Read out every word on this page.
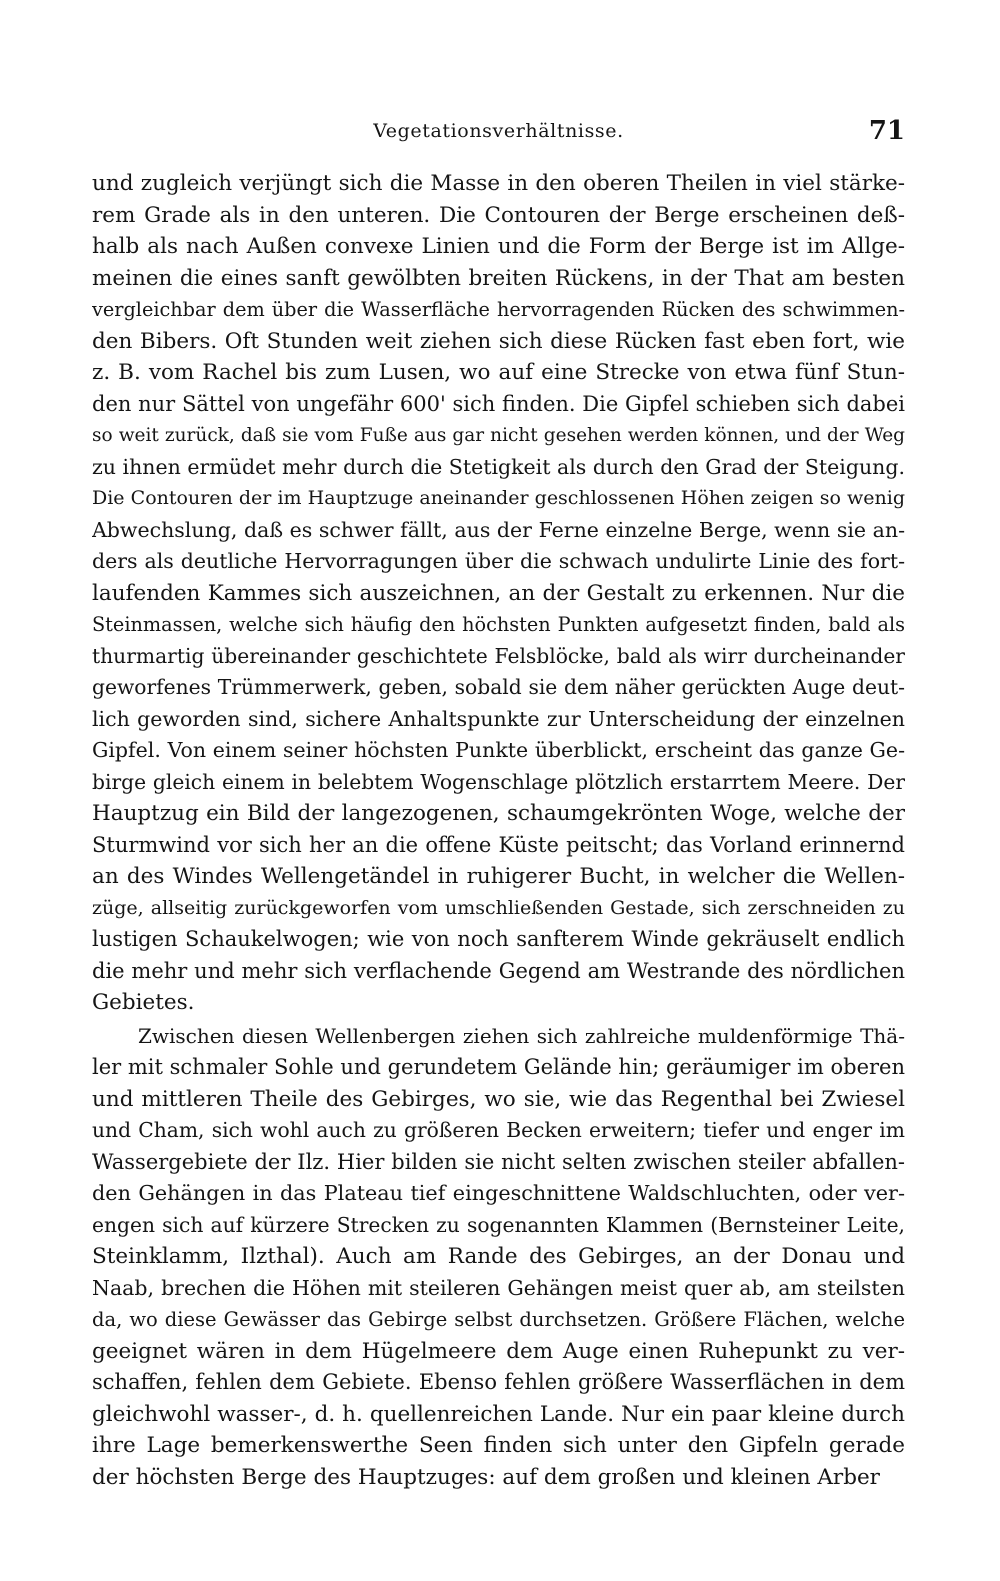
Vegetationsverhältnisse.	71
und zugleich verjüngt sich die Masse in den oberen Theilen in viel stärke-
rem Grade als in den unteren. Die Contouren der Berge erscheinen deß-
halb als nach Außen convexe Linien und die Form der Berge ist im Allge-
meinen die eines sanft gewölbten breiten Rückens, in der That am besten
vergleichbar dem über die Wasserfläche hervorragenden Rücken des schwimmen-
den Bibers. Oft Stunden weit ziehen sich diese Rücken fast eben fort, wie
z. B. vom Rachel bis zum Lusen, wo auf eine Strecke von etwa fünf Stun-
den nur Sättel von ungefähr 600' sich finden. Die Gipfel schieben sich dabei
so weit zurück, daß sie vom Fuße aus gar nicht gesehen werden können, und der Weg
zu ihnen ermüdet mehr durch die Stetigkeit als durch den Grad der Steigung.
Die Contouren der im Hauptzuge aneinander geschlossenen Höhen zeigen so wenig
Abwechslung, daß es schwer fällt, aus der Ferne einzelne Berge, wenn sie an-
ders als deutliche Hervorragungen über die schwach undulirte Linie des fort-
laufenden Kammes sich auszeichnen, an der Gestalt zu erkennen. Nur die
Steinmassen, welche sich häufig den höchsten Punkten aufgesetzt finden, bald als
thurmartig übereinander geschichtete Felsblöcke, bald als wirr durcheinander
geworfenes Trümmerwerk, geben, sobald sie dem näher gerückten Auge deut-
lich geworden sind, sichere Anhaltspunkte zur Unterscheidung der einzelnen
Gipfel. Von einem seiner höchsten Punkte überblickt, erscheint das ganze Ge-
birge gleich einem in belebtem Wogenschlage plötzlich erstarrtem Meere. Der
Hauptzug ein Bild der langezogenen, schaumgekrönten Woge, welche der
Sturmwind vor sich her an die offene Küste peitscht; das Vorland erinnernd
an des Windes Wellengetändel in ruhigerer Bucht, in welcher die Wellen-
züge, allseitig zurückgeworfen vom umschließenden Gestade, sich zerschneiden zu
lustigen Schaukelwogen; wie von noch sanfterem Winde gekräuselt endlich
die mehr und mehr sich verflachende Gegend am Westrande des nördlichen
Gebietes.
Zwischen diesen Wellenbergen ziehen sich zahlreiche muldenförmige Thä-
ler mit schmaler Sohle und gerundetem Gelände hin; geräumiger im oberen
und mittleren Theile des Gebirges, wo sie, wie das Regenthal bei Zwiesel
und Cham, sich wohl auch zu größeren Becken erweitern; tiefer und enger im
Wassergebiete der Ilz. Hier bilden sie nicht selten zwischen steiler abfallen-
den Gehängen in das Plateau tief eingeschnittene Waldschluchten, oder ver-
engen sich auf kürzere Strecken zu sogenannten Klammen (Bernsteiner Leite,
Steinklamm, Ilzthal). Auch am Rande des Gebirges, an der Donau und
Naab, brechen die Höhen mit steileren Gehängen meist quer ab, am steilsten
da, wo diese Gewässer das Gebirge selbst durchsetzen. Größere Flächen, welche
geeignet wären in dem Hügelmeere dem Auge einen Ruhepunkt zu ver-
schaffen, fehlen dem Gebiete. Ebenso fehlen größere Wasserflächen in dem
gleichwohl wasser-, d. h. quellenreichen Lande. Nur ein paar kleine durch
ihre Lage bemerkenswerthe Seen finden sich unter den Gipfeln gerade
der höchsten Berge des Hauptzuges: auf dem großen und kleinen Arber
